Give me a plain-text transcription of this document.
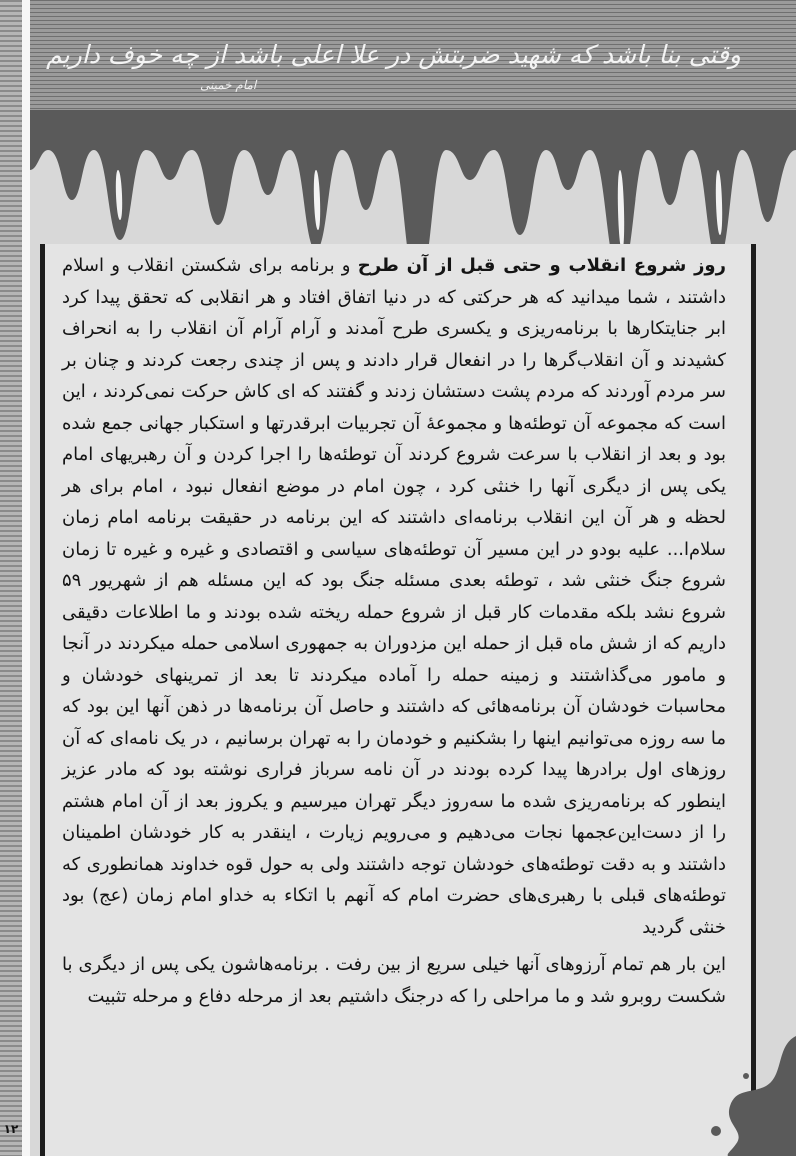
۱۲
وقتی بنا باشد که شهید ضربتش در علا اعلی باشد از چه خوف داریم
امام خمینی

روز شروع انقلاب و حتی قبل از آن طرح و برنامه برای شکستن انقلاب و اسلام داشتند ، شما میدانید که هر حرکتی که در دنیا اتفاق افتاد و هر انقلابی که تحقق پیدا کرد ابر جنایتکارها با برنامه‌ریزی و یکسری طرح آمدند و آرام آرام آن انقلاب را به انحراف کشیدند و آن انقلاب‌گرها را در انفعال قرار دادند و پس از چندی رجعت کردند و چنان بر سر مردم آوردند که مردم پشت دستشان زدند و گفتند که ای کاش حرکت نمی‌کردند ، این است که مجموعه آن توطئه‌ها و مجموعهٔ آن تجربیات ابرقدرتها و استکبار جهانی جمع شده بود و بعد از انقلاب با سرعت شروع کردند آن توطئه‌ها را اجرا کردن و آن رهبریهای امام یکی پس از دیگری آنها را خنثی کرد ، چون امام در موضع انفعال نبود ، امام برای هر لحظه و هر آن این انقلاب برنامه‌ای داشتند که این برنامه در حقیقت برنامه امام زمان سلام‌ا... علیه بودو در این مسیر آن توطئه‌های سیاسی و اقتصادی و غیره و غیره تا زمان شروع جنگ خنثی شد ، توطئه بعدی مسئله جنگ بود که این مسئله هم از شهریور ۵۹ شروع نشد بلکه مقدمات کار قبل از شروع حمله ریخته شده بودند و ما اطلاعات دقیقی داریم که از شش ماه قبل از حمله این مزدوران به جمهوری اسلامی حمله میکردند در آنجا و مامور می‌گذاشتند و زمینه حمله را آماده میکردند تا بعد از تمرینهای خودشان و محاسبات خودشان آن برنامه‌هائی که داشتند و حاصل آن برنامه‌ها در ذهن آنها این بود که ما سه روزه می‌توانیم اینها را بشکنیم و خودمان را به تهران برسانیم ، در یک نامه‌ای که آن روزهای اول برادرها پیدا کرده بودند در آن نامه سرباز فراری نوشته بود که مادر عزیز اینطور که برنامه‌ریزی شده ما سه‌روز دیگر تهران میرسیم و یکروز بعد از آن امام هشتم را از دست‌این‌عجمها نجات می‌دهیم و می‌رویم زیارت ، اینقدر به کار خودشان اطمینان داشتند و به دقت توطئه‌های خودشان توجه داشتند ولی به حول قوه خداوند همانطوری که توطئه‌های قبلی با رهبری‌های حضرت امام که آنهم با اتکاء به خداو امام زمان (عج) بود خنثی گردید

این بار هم تمام آرزوهای آنها خیلی سریع از بین رفت . برنامه‌هاشون یکی پس از دیگری با شکست روبرو شد و ما مراحلی را که درجنگ داشتیم بعد از مرحله دفاع و مرحله تثبیت
